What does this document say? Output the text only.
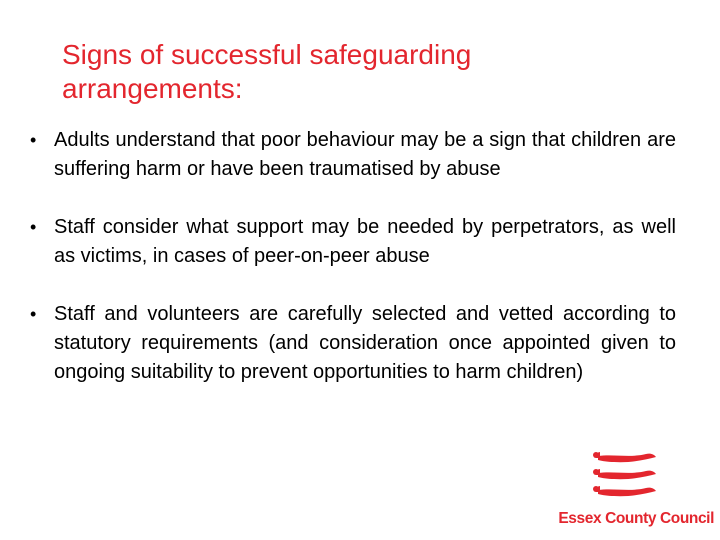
Signs of successful safeguarding arrangements:
• Adults understand that poor behaviour may be a sign that children are suffering harm or have been traumatised by abuse
• Staff consider what support may be needed by perpetrators, as well as victims, in cases of peer-on-peer abuse
• Staff and volunteers are carefully selected and vetted according to statutory requirements (and consideration once appointed given to ongoing suitability to prevent opportunities to harm children)
Essex County Council
